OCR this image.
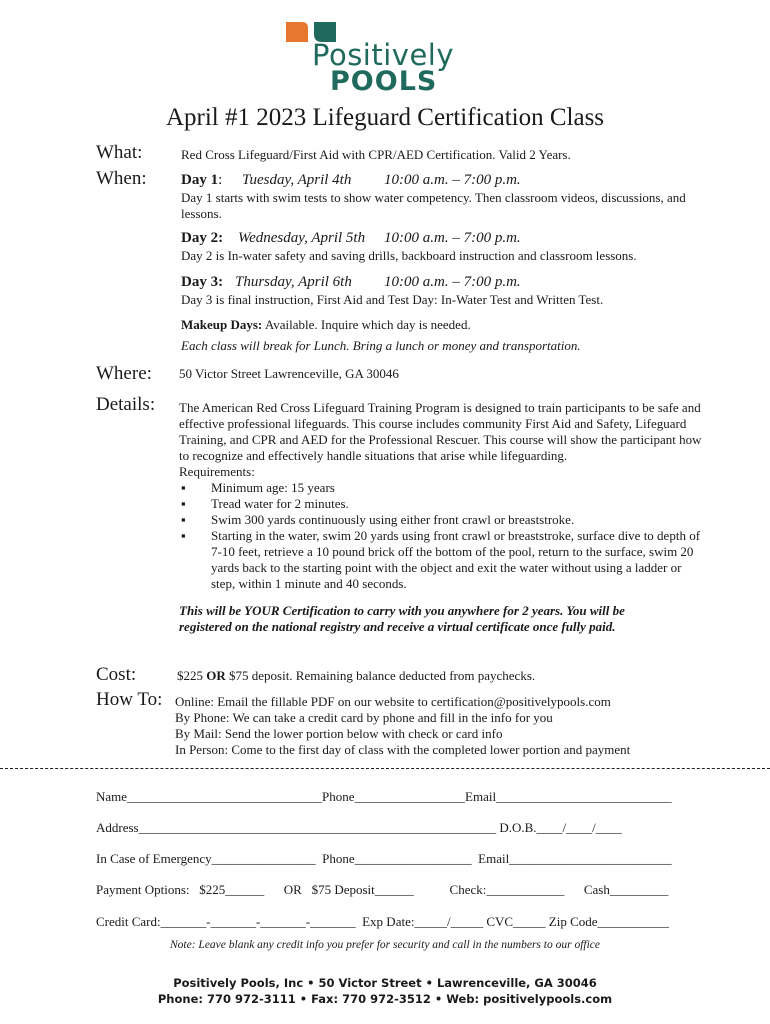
Positively
POOLS
April #1 2023 Lifeguard Certification Class
What:	Red Cross Lifeguard/First Aid with CPR/AED Certification. Valid 2 Years.
When: Day 1: Tuesday, April 4th 10:00 a.m. – 7:00 p.m.
Day 1 starts with swim tests to show water competency. Then classroom videos, discussions, and lessons.
Day 2: Wednesday, April 5th 10:00 a.m. – 7:00 p.m.
Day 2 is In-water safety and saving drills, backboard instruction and classroom lessons.
Day 3: Thursday, April 6th 10:00 a.m. – 7:00 p.m.
Day 3 is final instruction, First Aid and Test Day: In-Water Test and Written Test.
Makeup Days: Available. Inquire which day is needed.
Each class will break for Lunch. Bring a lunch or money and transportation.
Where: 50 Victor Street Lawrenceville, GA 30046
Details: The American Red Cross Lifeguard Training Program is designed to train participants to be safe and effective professional lifeguards. This course includes community First Aid and Safety, Lifeguard Training, and CPR and AED for the Professional Rescuer. This course will show the participant how to recognize and effectively handle situations that arise while lifeguarding.
Requirements:
▪ Minimum age: 15 years
▪ Tread water for 2 minutes.
▪ Swim 300 yards continuously using either front crawl or breaststroke.
▪ Starting in the water, swim 20 yards using front crawl or breaststroke, surface dive to depth of 7-10 feet, retrieve a 10 pound brick off the bottom of the pool, return to the surface, swim 20 yards back to the starting point with the object and exit the water without using a ladder or step, within 1 minute and 40 seconds.
This will be YOUR Certification to carry with you anywhere for 2 years. You will be registered on the national registry and receive a virtual certificate once fully paid.
Cost:	$225 OR $75 deposit. Remaining balance deducted from paychecks.
How To: Online: Email the fillable PDF on our website to certification@positivelypools.com
By Phone: We can take a credit card by phone and fill in the info for you
By Mail: Send the lower portion below with check or card info
In Person: Come to the first day of class with the completed lower portion and payment
Name______________________________Phone_________________Email___________________________
Address_______________________________________________________ D.O.B.____/____/____
In Case of Emergency________________  Phone__________________  Email_________________________
Payment Options:   $225______      OR   $75 Deposit______           Check:____________      Cash_________
Credit Card:_______-_______-_______-_______  Exp Date:_____/_____ CVC_____ Zip Code___________
Note: Leave blank any credit info you prefer for security and call in the numbers to our office
Positively Pools, Inc • 50 Victor Street • Lawrenceville, GA 30046
Phone: 770 972-3111 • Fax: 770 972-3512 • Web: positivelypools.com
